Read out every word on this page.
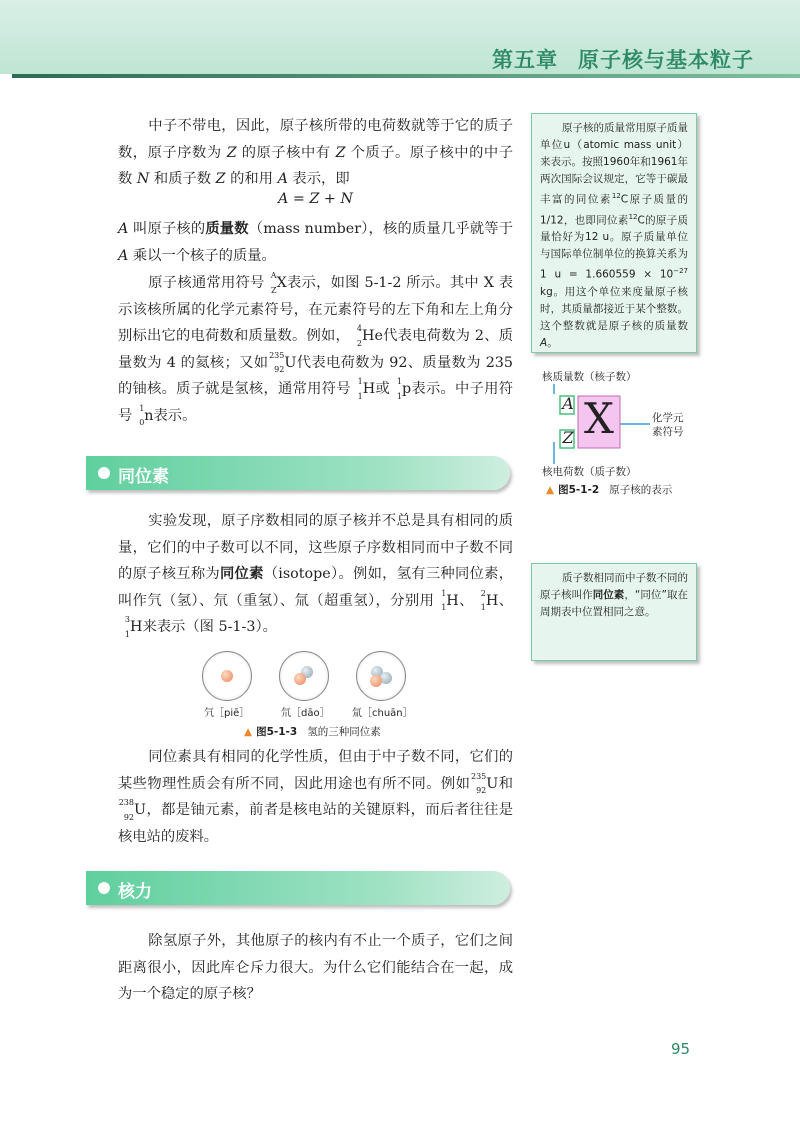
第五章 原子核与基本粒子

中子不带电，因此，原子核所带的电荷数就等于它的质子数，原子序数为 Z 的原子核中有 Z 个质子。原子核中的中子数 N 和质子数 Z 的和用 A 表示，即

A = Z + N

A 叫原子核的质量数（mass number），核的质量几乎就等于 A 乘以一个核子的质量。

原子核通常用符号 A
Z X表示，如图 5-1-2 所示。其中 X 表示该核所属的化学元素符号，在元素符号的左下角和左上角分别标出它的电荷数和质量数。例如， 4
2 He代表电荷数为 2、质量数为 4 的氦核；又如 235
92 U代表电荷数为 92、质量数为 235 的铀核。质子就是氢核，通常用符号 1
1 H或 1
1 p表示。中子用符号 1
0 n表示。

同位素

实验发现，原子序数相同的原子核并不总是具有相同的质量，它们的中子数可以不同，这些原子序数相同而中子数不同的原子核互称为同位素（isotope）。例如，氢有三种同位素，叫作氕（氢）、氘（重氢）、氚（超重氢），分别用 1
1 H、 2
1 H、
3
1 H来表示（图 5-1-3）。

氕［piē］	氘［dāo］ 氚［chuān］
▲ 图5-1-3 氢的三种同位素

同位素具有相同的化学性质，但由于中子数不同，它们的某些物理性质会有所不同，因此用途也有所不同。例如 235
92 U和
238
92 U，都是铀元素，前者是核电站的关键原料，而后者往往是核电站的废料。

核力

除氢原子外，其他原子的核内有不止一个质子，它们之间距离很小，因此库仑斥力很大。为什么它们能结合在一起，成为一个稳定的原子核？

原子核的质量常用原子质量单位u（atomic mass unit）来表示。按照1960年和1961年两次国际会议规定，它等于碳最丰富的同位素$^{12}$C原子质量的1/12，也即同位素$^{12}$C的原子质量恰好为12 u。原子质量单位与国际单位制单位的换算关系为1 $u = 1.660559 \times 10^{-27}$ kg。用这个单位来度量原子核时，其质量都接近于某个整数。这个整数就是原子核的质量数A。
核质量数（核子数）
A
Z X	化学元
素符号
核电荷数（质子数）
▲ 图5-1-2 原子核的表示
质子数相同而中子数不同的原子核叫作同位素，“同位”取在周期表中位置相同之意。
95
